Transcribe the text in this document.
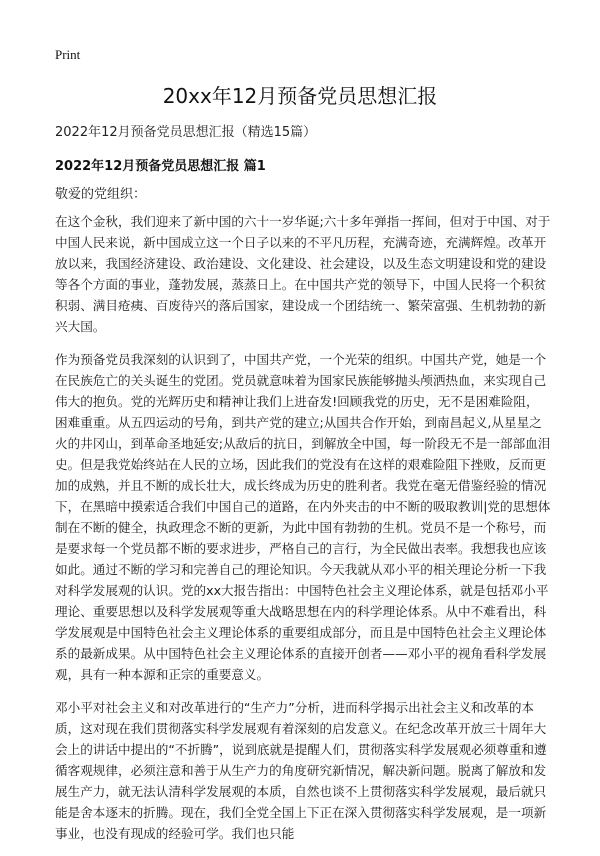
Print
20xx年12月预备党员思想汇报
2022年12月预备党员思想汇报（精选15篇）
2022年12月预备党员思想汇报 篇1
敬爱的党组织：

在这个金秋，我们迎来了新中国的六十一岁华诞;六十多年弹指一挥间，但对于中国、对于中国人民来说，新中国成立这一个日子以来的不平凡历程，充满奇迹，充满辉煌。改革开放以来，我国经济建设、政治建设、文化建设、社会建设，以及生态文明建设和党的建设等各个方面的事业，蓬勃发展，蒸蒸日上。在中国共产党的领导下，中国人民将一个积贫积弱、满目疮痍、百废待兴的落后国家，建设成一个团结统一、繁荣富强、生机勃勃的新兴大国。

作为预备党员我深刻的认识到了，中国共产党，一个光荣的组织。中国共产党，她是一个在民族危亡的关头诞生的党团。党员就意味着为国家民族能够抛头颅洒热血，来实现自己伟大的抱负。党的光辉历史和精神让我们上进奋发!回顾我党的历史，无不是困难险阻，困难重重。从五四运动的号角，到共产党的建立;从国共合作开始，到南昌起义,从星星之火的井冈山，到革命圣地延安;从敌后的抗日，到解放全中国，每一阶段无不是一部部血泪史。但是我党始终站在人民的立场，因此我们的党没有在这样的艰难险阻下挫败，反而更加的成熟，并且不断的成长壮大，成长终成为历史的胜利者。我党在毫无借鉴经验的情况下，在黑暗中摸索适合我们中国自己的道路，在内外夹击的中不断的吸取教训|党的思想体制在不断的健全，执政理念不断的更新，为此中国有勃勃的生机。党员不是一个称号，而是要求每一个党员都不断的要求进步，严格自己的言行，为全民做出表率。我想我也应该如此。通过不断的学习和完善自己的理论知识。今天我就从邓小平的相关理论分析一下我对科学发展观的认识。党的xx大报告指出：中国特色社会主义理论体系，就是包括邓小平理论、重要思想以及科学发展观等重大战略思想在内的科学理论体系。从中不难看出，科学发展观是中国特色社会主义理论体系的重要组成部分，而且是中国特色社会主义理论体系的最新成果。从中国特色社会主义理论体系的直接开创者——邓小平的视角看科学发展观，具有一种本源和正宗的重要意义。

邓小平对社会主义和对改革进行的“生产力”分析，进而科学揭示出社会主义和改革的本质，这对现在我们贯彻落实科学发展观有着深刻的启发意义。在纪念改革开放三十周年大会上的讲话中提出的“不折腾”，说到底就是提醒人们，贯彻落实科学发展观必须尊重和遵循客观规律，必须注意和善于从生产力的角度研究新情况，解决新问题。脱离了解放和发展生产力，就无法认清科学发展观的本质，自然也谈不上贯彻落实科学发展观，最后就只能是舍本逐末的折腾。现在，我们全党全国上下正在深入贯彻落实科学发展观，是一项新事业，也没有现成的经验可学。我们也只能
